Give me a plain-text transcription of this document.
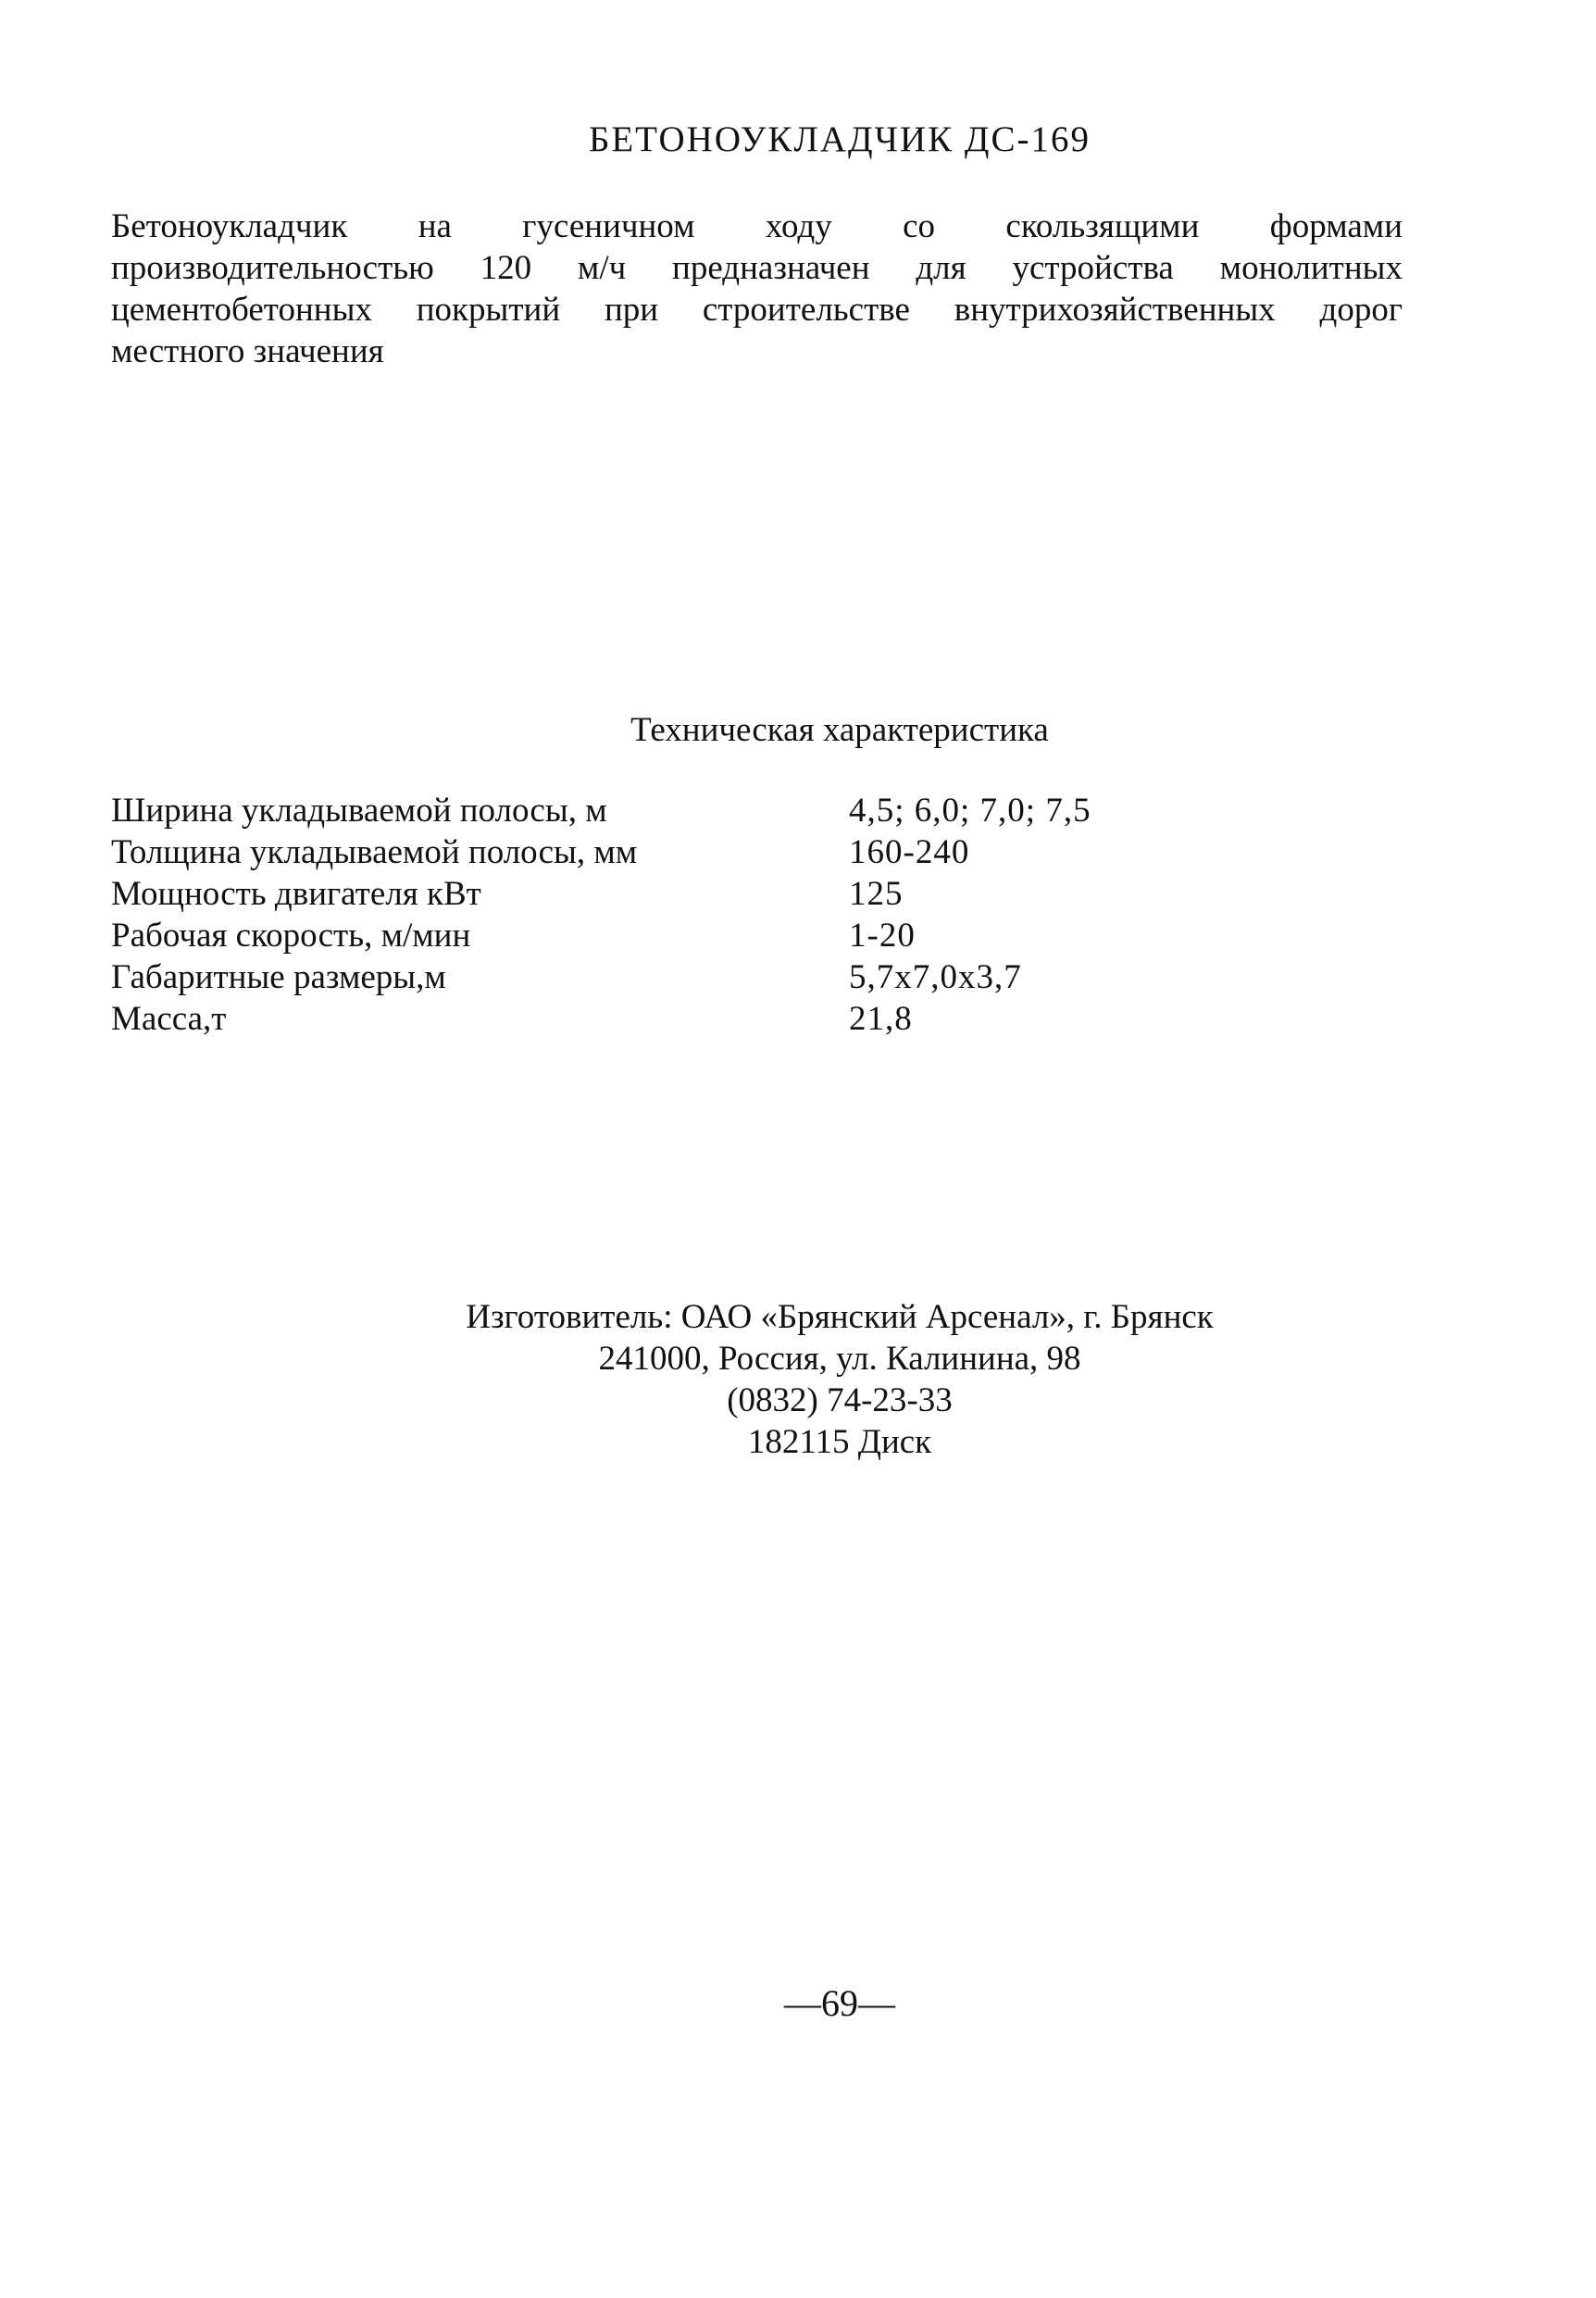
БЕТОНОУКЛАДЧИК ДС-169
Бетоноукладчик на гусеничном ходу со скользящими формами
производительностью 120 м/ч предназначен для устройства монолитных
цементобетонных покрытий при строительстве внутрихозяйственных дорог
местного значения
Техническая характеристика
Ширина укладываемой полосы, м	4,5; 6,0; 7,0; 7,5
Толщина укладываемой полосы, мм	160-240
Мощность двигателя кВт	125
Рабочая скорость, м/мин	1-20
Габаритные размеры,м	5,7х7,0х3,7
Масса,т	21,8
Изготовитель: ОАО «Брянский Арсенал», г. Брянск
241000, Россия, ул. Калинина, 98
(0832) 74-23-33
182115 Диск
—69—
